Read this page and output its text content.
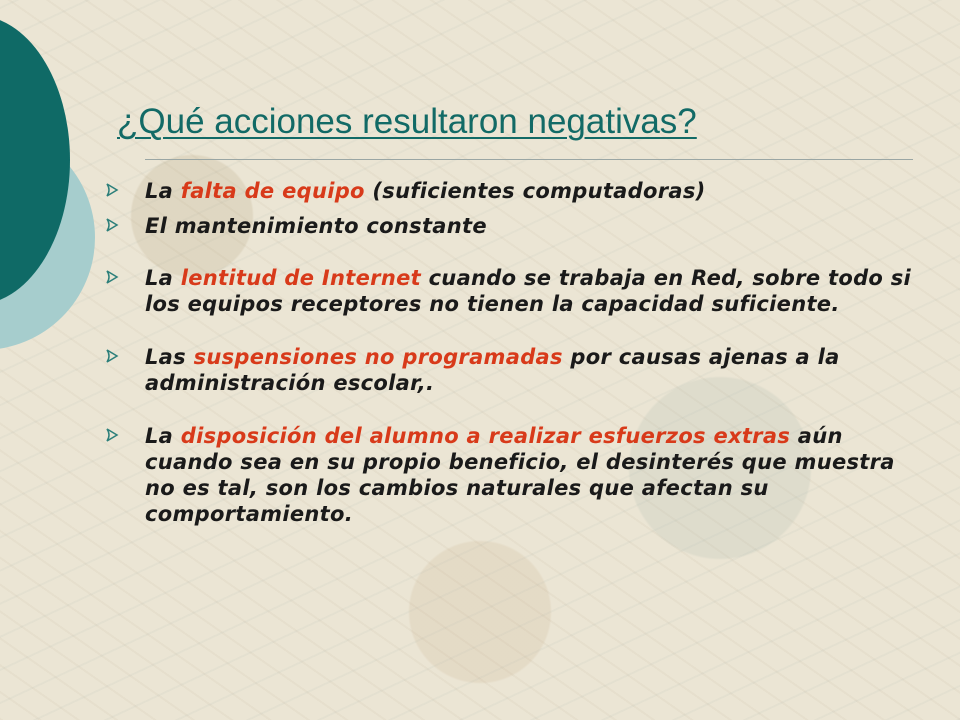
¿Qué acciones resultaron negativas?
La falta de equipo (suficientes computadoras)
El mantenimiento constante
La lentitud de Internet cuando se trabaja en Red, sobre todo si los equipos receptores no tienen la capacidad suficiente.
Las suspensiones no programadas por causas ajenas a la administración escolar,.
La disposición del alumno a realizar esfuerzos extras aún cuando sea en su propio beneficio, el desinterés que muestra no es tal, son los cambios naturales que afectan su comportamiento.
